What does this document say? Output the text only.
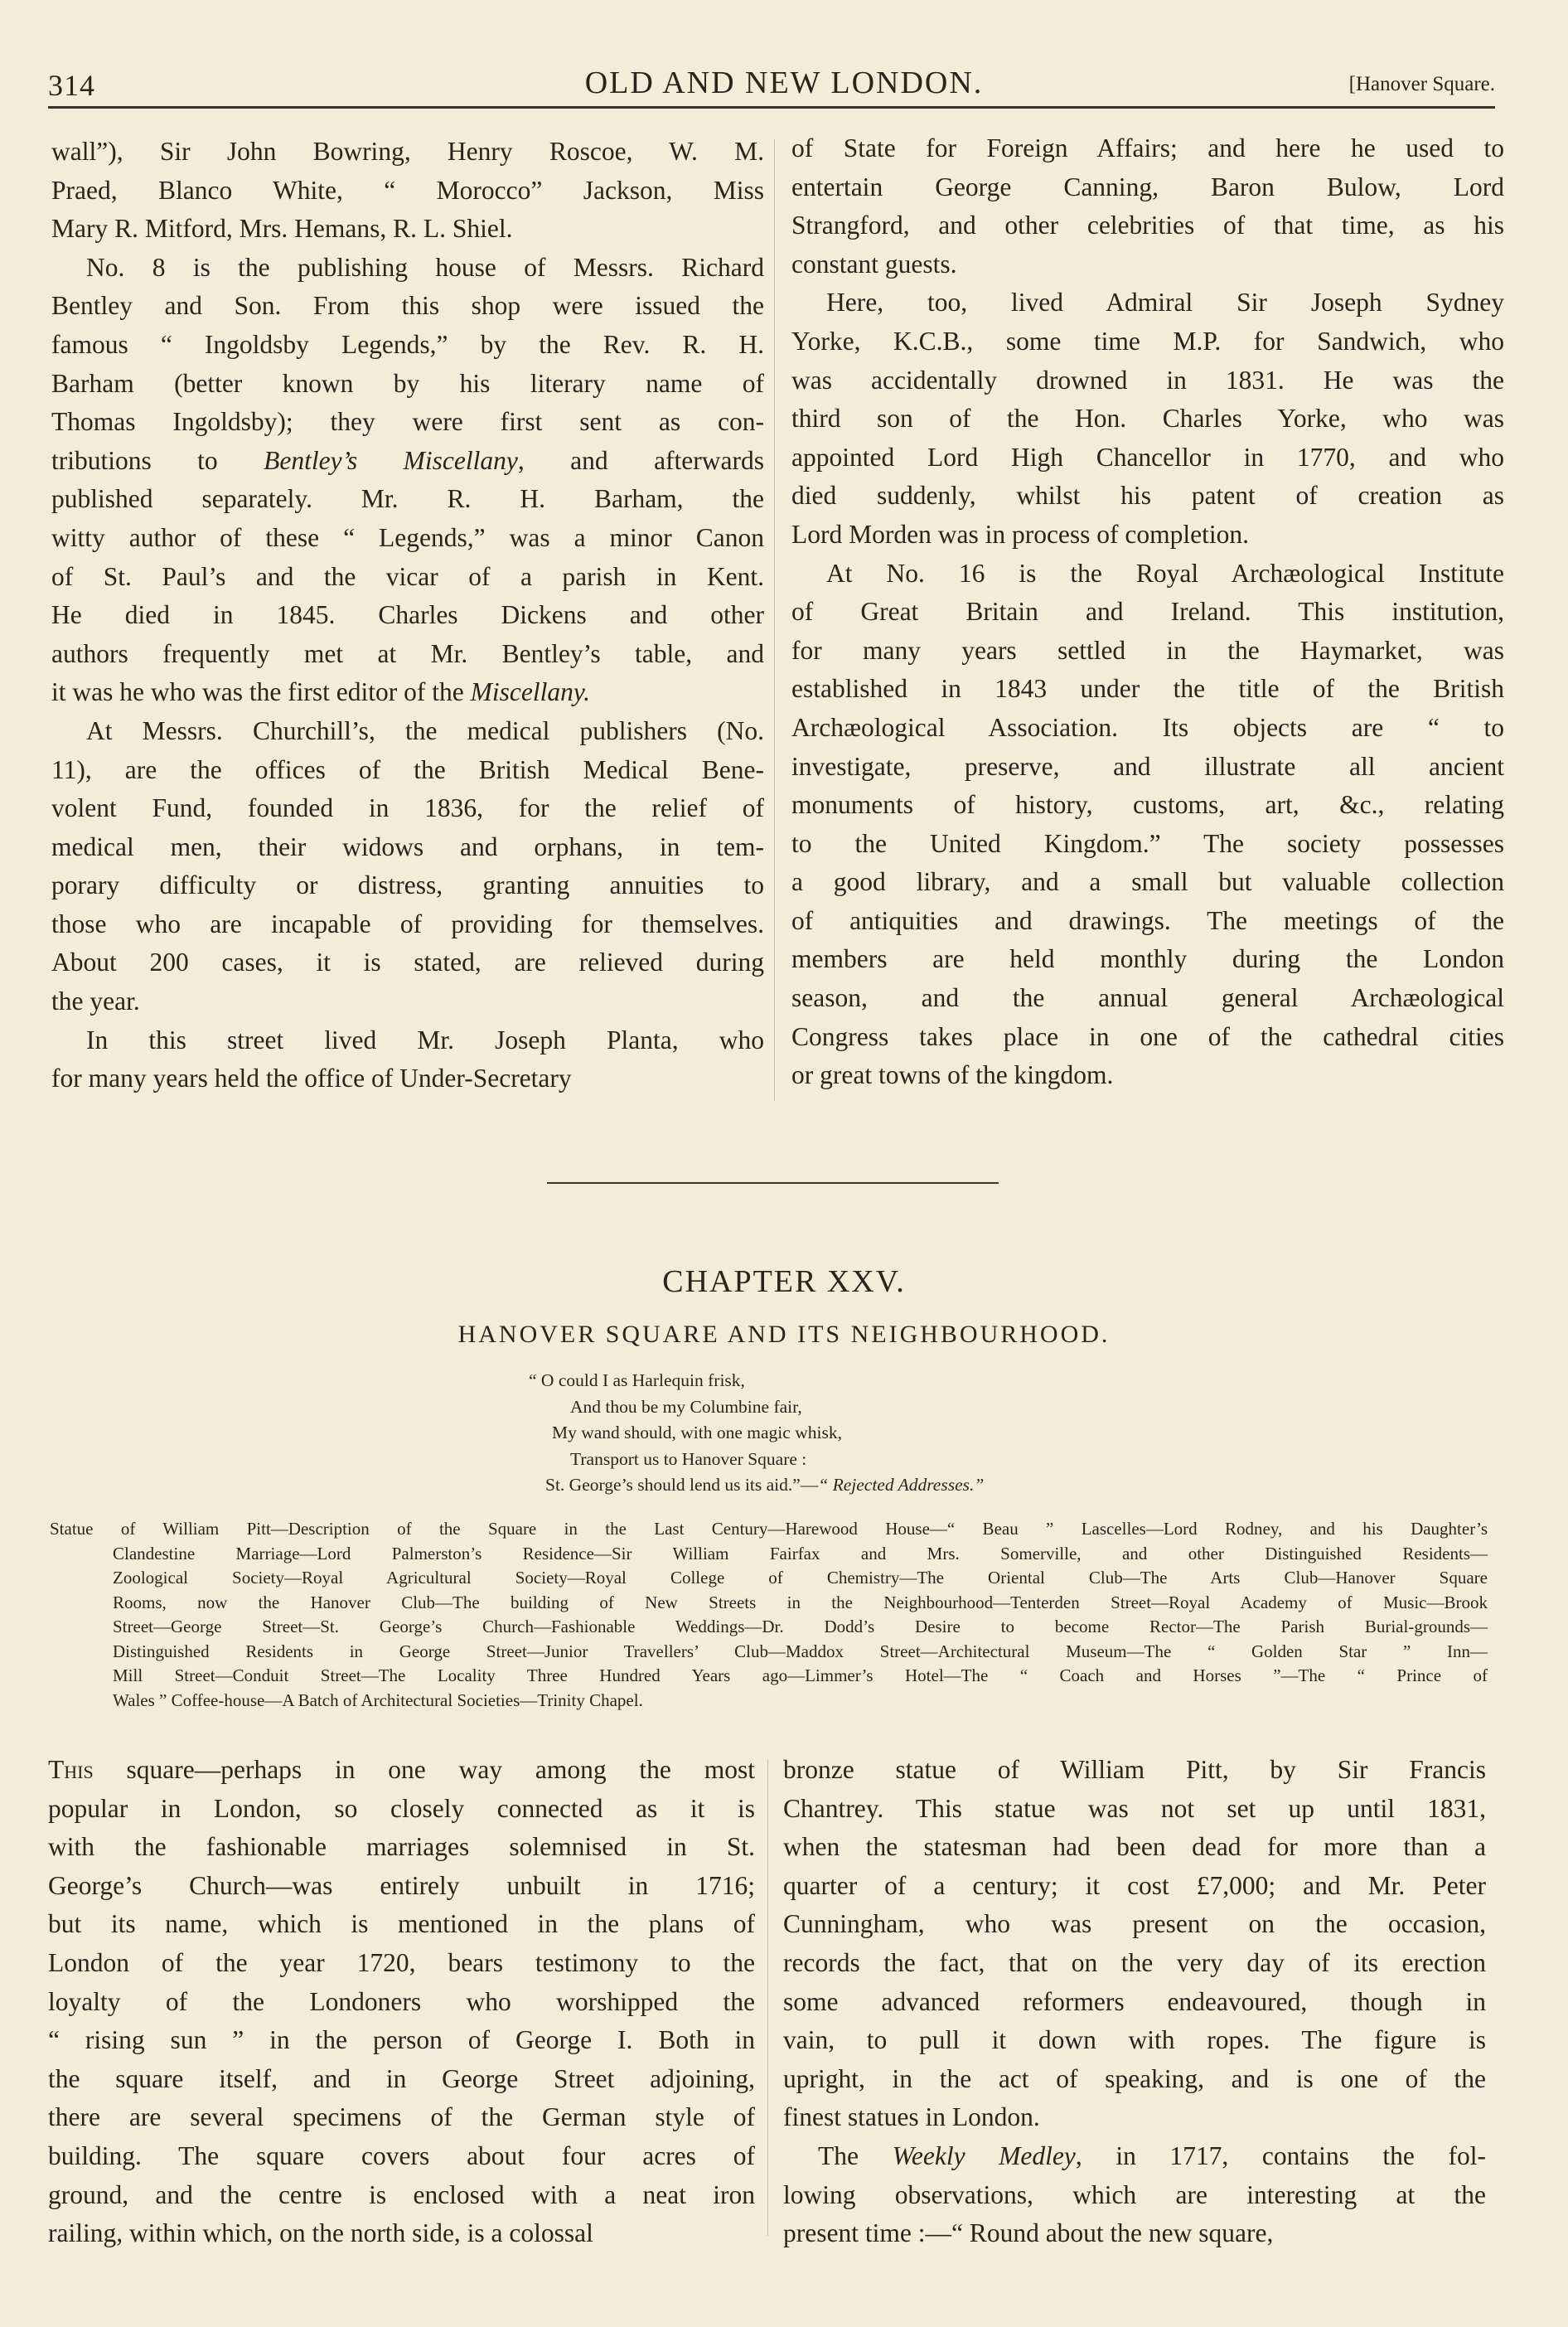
314	OLD AND NEW LONDON.	[Hanover Square.
wall”), Sir John Bowring, Henry Roscoe, W. M.
Praed, Blanco White, “ Morocco” Jackson, Miss
Mary R. Mitford, Mrs. Hemans, R. L. Shiel.
No. 8 is the publishing house of Messrs. Richard
Bentley and Son. From this shop were issued the
famous “ Ingoldsby Legends,” by the Rev. R. H.
Barham (better known by his literary name of
Thomas Ingoldsby); they were first sent as con-
tributions to Bentley’s Miscellany, and afterwards
published separately. Mr. R. H. Barham, the
witty author of these “ Legends,” was a minor Canon
of St. Paul’s and the vicar of a parish in Kent.
He died in 1845. Charles Dickens and other
authors frequently met at Mr. Bentley’s table, and
it was he who was the first editor of the Miscellany.
At Messrs. Churchill’s, the medical publishers (No.
11), are the offices of the British Medical Bene-
volent Fund, founded in 1836, for the relief of
medical men, their widows and orphans, in tem-
porary difficulty or distress, granting annuities to
those who are incapable of providing for themselves.
About 200 cases, it is stated, are relieved during
the year.
In this street lived Mr. Joseph Planta, who
for many years held the office of Under-Secretary
of State for Foreign Affairs; and here he used to
entertain George Canning, Baron Bulow, Lord
Strangford, and other celebrities of that time, as his
constant guests.
Here, too, lived Admiral Sir Joseph Sydney
Yorke, K.C.B., some time M.P. for Sandwich, who
was accidentally drowned in 1831. He was the
third son of the Hon. Charles Yorke, who was
appointed Lord High Chancellor in 1770, and who
died suddenly, whilst his patent of creation as
Lord Morden was in process of completion.
At No. 16 is the Royal Archæological Institute
of Great Britain and Ireland. This institution,
for many years settled in the Haymarket, was
established in 1843 under the title of the British
Archæological Association. Its objects are “ to
investigate, preserve, and illustrate all ancient
monuments of history, customs, art, &c., relating
to the United Kingdom.” The society possesses
a good library, and a small but valuable collection
of antiquities and drawings. The meetings of the
members are held monthly during the London
season, and the annual general Archæological
Congress takes place in one of the cathedral cities
or great towns of the kingdom.
CHAPTER XXV.
HANOVER SQUARE AND ITS NEIGHBOURHOOD.
“ O could I as Harlequin frisk,
And thou be my Columbine fair,
My wand should, with one magic whisk,
Transport us to Hanover Square :
St. George’s should lend us its aid.”—“ Rejected Addresses.”
Statue of William Pitt—Description of the Square in the Last Century—Harewood House—“ Beau ” Lascelles—Lord Rodney, and his Daughter’s
Clandestine Marriage—Lord Palmerston’s Residence—Sir William Fairfax and Mrs. Somerville, and other Distinguished Residents—
Zoological Society—Royal Agricultural Society—Royal College of Chemistry—The Oriental Club—The Arts Club—Hanover Square
Rooms, now the Hanover Club—The building of New Streets in the Neighbourhood—Tenterden Street—Royal Academy of Music—Brook
Street—George Street—St. George’s Church—Fashionable Weddings—Dr. Dodd’s Desire to become Rector—The Parish Burial-grounds—
Distinguished Residents in George Street—Junior Travellers’ Club—Maddox Street—Architectural Museum—The “ Golden Star ” Inn—
Mill Street—Conduit Street—The Locality Three Hundred Years ago—Limmer’s Hotel—The “ Coach and Horses ”—The “ Prince of
Wales ” Coffee-house—A Batch of Architectural Societies—Trinity Chapel.
This square—perhaps in one way among the most
popular in London, so closely connected as it is
with the fashionable marriages solemnised in St.
George’s Church—was entirely unbuilt in 1716;
but its name, which is mentioned in the plans of
London of the year 1720, bears testimony to the
loyalty of the Londoners who worshipped the
“ rising sun ” in the person of George I. Both in
the square itself, and in George Street adjoining,
there are several specimens of the German style of
building. The square covers about four acres of
ground, and the centre is enclosed with a neat iron
railing, within which, on the north side, is a colossal
bronze statue of William Pitt, by Sir Francis
Chantrey. This statue was not set up until 1831,
when the statesman had been dead for more than a
quarter of a century; it cost £7,000; and Mr. Peter
Cunningham, who was present on the occasion,
records the fact, that on the very day of its erection
some advanced reformers endeavoured, though in
vain, to pull it down with ropes. The figure is
upright, in the act of speaking, and is one of the
finest statues in London.
The Weekly Medley, in 1717, contains the fol-
lowing observations, which are interesting at the
present time :—“ Round about the new square,
